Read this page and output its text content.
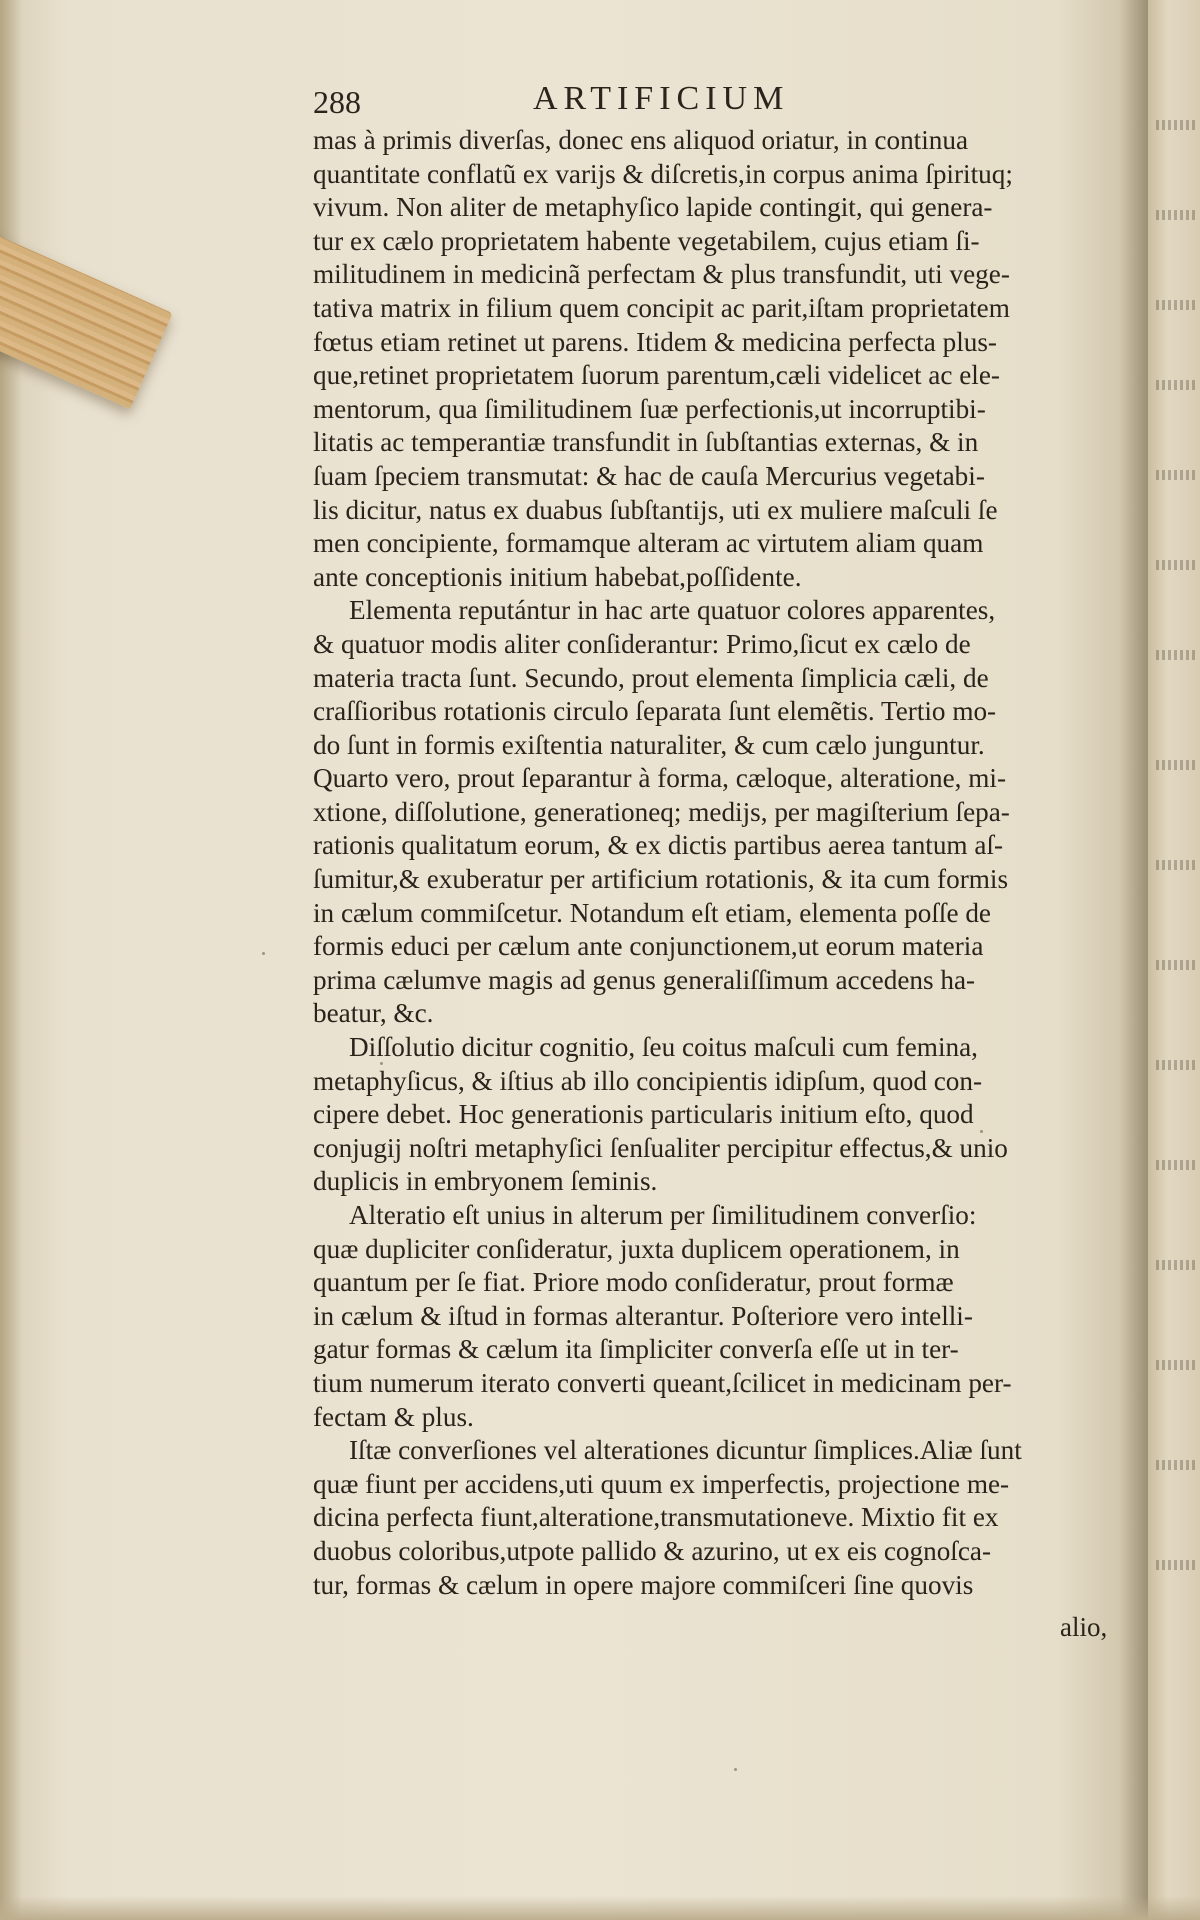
288	ARTIFICIUM
mas à primis diverſas, donec ens aliquod oriatur, in continua
quantitate conflatũ ex varijs & diſcretis,in corpus anima ſpirituq;
vivum. Non aliter de metaphyſico lapide contingit, qui genera-
tur ex cælo proprietatem habente vegetabilem, cujus etiam ſi-
militudinem in medicinã perfectam & plus transfundit, uti vege-
tativa matrix in filium quem concipit ac parit,iſtam proprietatem
fœtus etiam retinet ut parens. Itidem & medicina perfecta plus-
que,retinet proprietatem ſuorum parentum,cæli videlicet ac ele-
mentorum, qua ſimilitudinem ſuæ perfectionis,ut incorruptibi-
litatis ac temperantiæ transfundit in ſubſtantias externas, & in
ſuam ſpeciem transmutat: & hac de cauſa Mercurius vegetabi-
lis dicitur, natus ex duabus ſubſtantijs, uti ex muliere maſculi ſe
men concipiente, formamque alteram ac virtutem aliam quam
ante conceptionis initium habebat,poſſidente.
Elementa reputántur in hac arte quatuor colores apparentes,
& quatuor modis aliter conſiderantur: Primo,ſicut ex cælo de
materia tracta ſunt. Secundo, prout elementa ſimplicia cæli, de
craſſioribus rotationis circulo ſeparata ſunt elemẽtis. Tertio mo-
do ſunt in formis exiſtentia naturaliter, & cum cælo junguntur.
Quarto vero, prout ſeparantur à forma, cæloque, alteratione, mi-
xtione, diſſolutione, generationeq; medijs, per magiſterium ſepa-
rationis qualitatum eorum, & ex dictis partibus aerea tantum aſ-
ſumitur,& exuberatur per artificium rotationis, & ita cum formis
in cælum commiſcetur. Notandum eſt etiam, elementa poſſe de
formis educi per cælum ante conjunctionem,ut eorum materia
prima cælumve magis ad genus generaliſſimum accedens ha-
beatur, &c.
Diſſolutio dicitur cognitio, ſeu coitus maſculi cum femina,
metaphyſicus, & iſtius ab illo concipientis idipſum, quod con-
cipere debet. Hoc generationis particularis initium eſto, quod
conjugij noſtri metaphyſici ſenſualiter percipitur effectus,& unio
duplicis in embryonem ſeminis.
Alteratio eſt unius in alterum per ſimilitudinem converſio:
quæ dupliciter conſideratur, juxta duplicem operationem, in
quantum per ſe fiat. Priore modo conſideratur, prout formæ
in cælum & iſtud in formas alterantur. Poſteriore vero intelli-
gatur formas & cælum ita ſimpliciter converſa eſſe ut in ter-
tium numerum iterato converti queant,ſcilicet in medicinam per-
fectam & plus.
Iſtæ converſiones vel alterationes dicuntur ſimplices.Aliæ ſunt
quæ fiunt per accidens,uti quum ex imperfectis, projectione me-
dicina perfecta fiunt,alteratione,transmutationeve. Mixtio fit ex
duobus coloribus,utpote pallido & azurino, ut ex eis cognoſca-
tur, formas & cælum in opere majore commiſceri ſine quovis
alio,
